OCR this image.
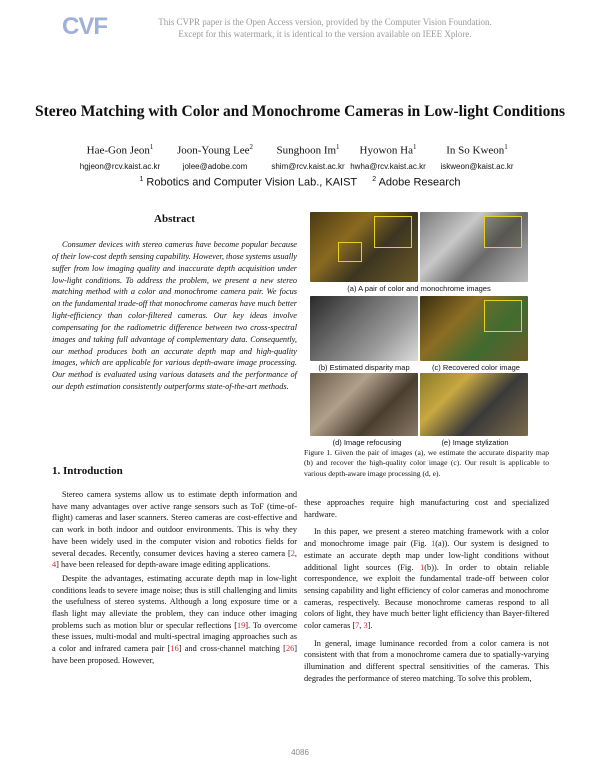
CVF	This CVPR paper is the Open Access version, provided by the Computer Vision Foundation.
Except for this watermark, it is identical to the version available on IEEE Xplore.
Stereo Matching with Color and Monochrome Cameras in Low-light Conditions
Hae-Gon Jeon$^1$
hgjeon@rcv.kaist.ac.kr
Joon-Young Lee$^2$
jolee@adobe.com
Sunghoon Im$^1$
shim@rcv.kaist.ac.kr
Hyowon Ha$^1$
hwha@rcv.kaist.ac.kr
In So Kweon$^1$
iskweon@kaist.ac.kr
$^1$ Robotics and Computer Vision Lab., KAIST $^2$ Adobe Research
Abstract
Consumer devices with stereo cameras have become popular because of their low-cost depth sensing capability. However, those systems usually suffer from low imaging quality and inaccurate depth acquisition under low-light conditions. To address the problem, we present a new stereo matching method with a color and monochrome camera pair. We focus on the fundamental trade-off that monochrome cameras have much better light-efficiency than color-filtered cameras. Our key ideas involve compensating for the radiometric difference between two cross-spectral images and taking full advantage of complementary data. Consequently, our method produces both an accurate depth map and high-quality images, which are applicable for various depth-aware image processing. Our method is evaluated using various datasets and the performance of our depth estimation consistently outperforms state-of-the-art methods.
(a) A pair of color and monochrome images
(b) Estimated disparity map	(c) Recovered color image
(d) Image refocusing	(e) Image stylization
Figure 1. Given the pair of images (a), we estimate the accurate disparity map (b) and recover the high-quality color image (c). Our result is applicable to various depth-aware image processing (d, e).
1. Introduction

Stereo camera systems allow us to estimate depth information and have many advantages over active range sensors such as ToF (time-of-flight) cameras and laser scanners. Stereo cameras are cost-effective and can work in both indoor and outdoor environments. This is why they have been widely used in the computer vision and robotics fields for several decades. Recently, consumer devices having a stereo camera [2, 4] have been released for depth-aware image editing applications.

Despite the advantages, estimating accurate depth map in low-light conditions leads to severe image noise; thus is still challenging and limits the usefulness of stereo systems. Although a long exposure time or a flash light may alleviate the problem, they can induce other imaging problems such as motion blur or specular reflections [19]. To overcome these issues, multi-modal and multi-spectral imaging approaches such as a color and infrared camera pair [16] and cross-channel matching [26] have been proposed. However,

these approaches require high manufacturing cost and specialized hardware.

In this paper, we present a stereo matching framework with a color and monochrome image pair (Fig. 1(a)). Our system is designed to estimate an accurate depth map under low-light conditions without additional light sources (Fig. 1(b)). In order to obtain reliable correspondence, we exploit the fundamental trade-off between color sensing capability and light efficiency of color cameras and monochrome cameras, respectively. Because monochrome cameras respond to all colors of light, they have much better light efficiency than Bayer-filtered color cameras [7, 3].

In general, image luminance recorded from a color camera is not consistent with that from a monochrome camera due to spatially-varying illumination and different spectral sensitivities of the cameras. This degrades the performance of stereo matching. To solve this problem,

4086
